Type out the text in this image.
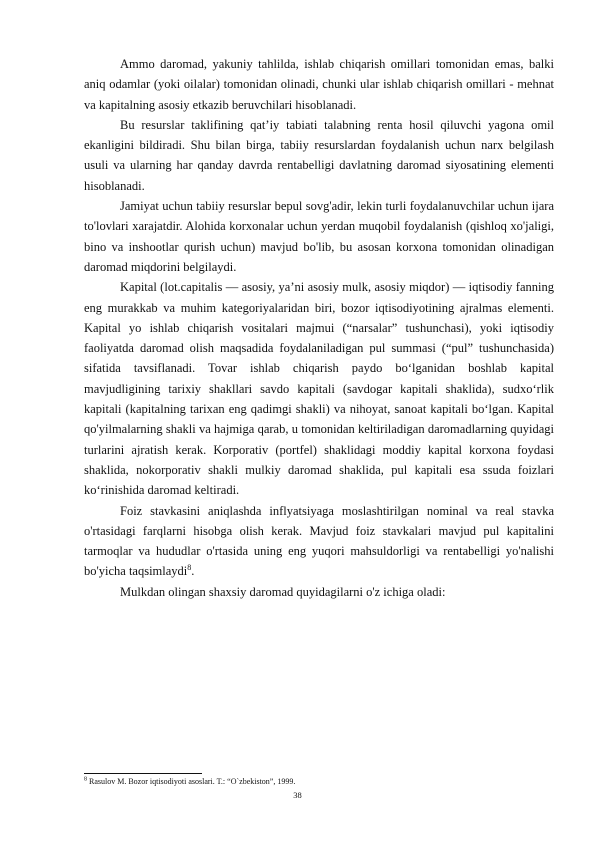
Ammo daromad, yakuniy tahlilda, ishlab chiqarish omillari tomonidan emas, balki aniq odamlar (yoki oilalar) tomonidan olinadi, chunki ular ishlab chiqarish omillari - mehnat va kapitalning asosiy etkazib beruvchilari hisoblanadi.

Bu resurslar taklifining qat’iy tabiati talabning renta hosil qiluvchi yagona omil ekanligini bildiradi. Shu bilan birga, tabiiy resurslardan foydalanish uchun narx belgilash usuli va ularning har qanday davrda rentabelligi davlatning daromad siyosatining elementi hisoblanadi.

Jamiyat uchun tabiiy resurslar bepul sovg'adir, lekin turli foydalanuvchilar uchun ijara to'lovlari xarajatdir. Alohida korxonalar uchun yerdan muqobil foydalanish (qishloq xo'jaligi, bino va inshootlar qurish uchun) mavjud bo'lib, bu asosan korxona tomonidan olinadigan daromad miqdorini belgilaydi.

Kapital (lot.capitalis — asosiy, ya’ni asosiy mulk, asosiy miqdor) — iqtisodiy fanning eng murakkab va muhim kategoriyalaridan biri, bozor iqtisodiyotining ajralmas elementi. Kapital yo ishlab chiqarish vositalari majmui (“narsalar” tushunchasi), yoki iqtisodiy faoliyatda daromad olish maqsadida foydalaniladigan pul summasi (“pul” tushunchasida) sifatida tavsiflanadi. Tovar ishlab chiqarish paydo bo‘lganidan boshlab kapital mavjudligining tarixiy shakllari savdo kapitali (savdogar kapitali shaklida), sudxo‘rlik kapitali (kapitalning tarixan eng qadimgi shakli) va nihoyat, sanoat kapitali bo‘lgan. Kapital qo'yilmalarning shakli va hajmiga qarab, u tomonidan keltiriladigan daromadlarning quyidagi turlarini ajratish kerak. Korporativ (portfel) shaklidagi moddiy kapital korxona foydasi shaklida, nokorporativ shakli mulkiy daromad shaklida, pul kapitali esa ssuda foizlari ko‘rinishida daromad keltiradi.

Foiz stavkasini aniqlashda inflyatsiyaga moslashtirilgan nominal va real stavka o'rtasidagi farqlarni hisobga olish kerak. Mavjud foiz stavkalari mavjud pul kapitalini tarmoqlar va hududlar o'rtasida uning eng yuqori mahsuldorligi va rentabelligi yo'nalishi bo'yicha taqsimlaydi$^8$.

Mulkdan olingan shaxsiy daromad quyidagilarni o'z ichiga oladi:

$^8$ Rasulov M. Bozor iqtisodiyoti asoslari. T.: “O`zbekiston”, 1999.
38
